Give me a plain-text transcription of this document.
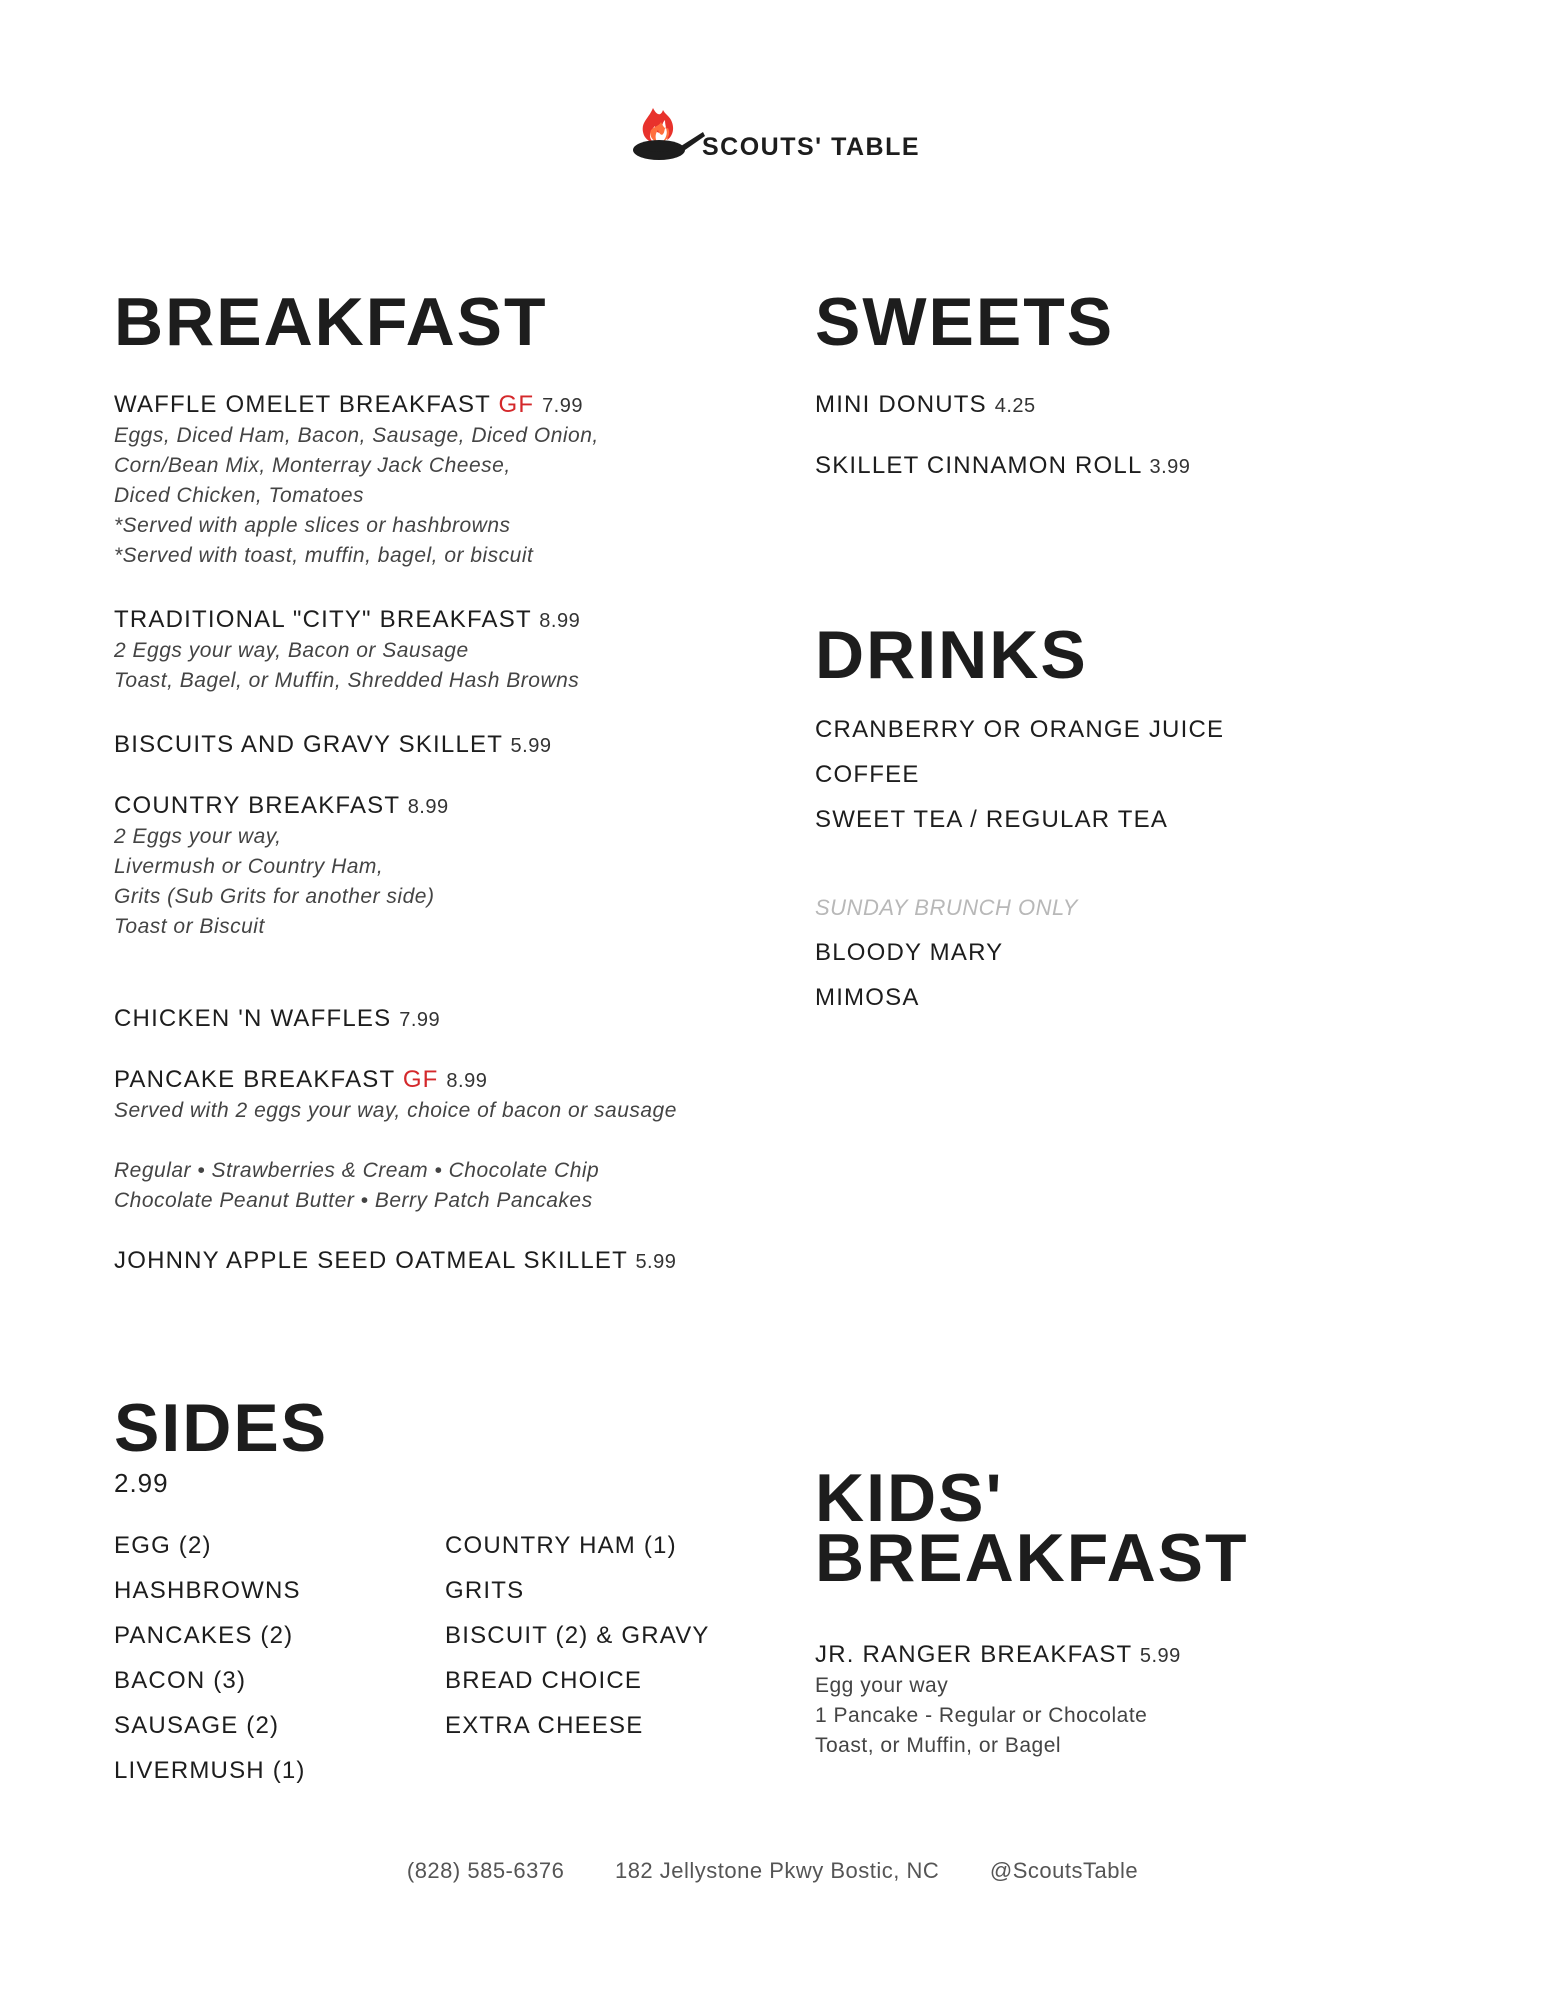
SCOUTS' TABLE
BREAKFAST
WAFFLE OMELET BREAKFAST GF 7.99
Eggs, Diced Ham, Bacon, Sausage, Diced Onion,
Corn/Bean Mix, Monterray Jack Cheese,
Diced Chicken, Tomatoes
*Served with apple slices or hashbrowns
*Served with toast, muffin, bagel, or biscuit
TRADITIONAL "CITY" BREAKFAST 8.99
2 Eggs your way, Bacon or Sausage
Toast, Bagel, or Muffin, Shredded Hash Browns
BISCUITS AND GRAVY SKILLET 5.99
COUNTRY BREAKFAST 8.99
2 Eggs your way,
Livermush or Country Ham,
Grits (Sub Grits for another side)
Toast or Biscuit
CHICKEN 'N WAFFLES 7.99
PANCAKE BREAKFAST GF 8.99
Served with 2 eggs your way, choice of bacon or sausage
Regular • Strawberries & Cream • Chocolate Chip
Chocolate Peanut Butter • Berry Patch Pancakes
JOHNNY APPLE SEED OATMEAL SKILLET 5.99
SWEETS
MINI DONUTS 4.25
SKILLET CINNAMON ROLL 3.99
DRINKS
CRANBERRY OR ORANGE JUICE
COFFEE
SWEET TEA / REGULAR TEA
SUNDAY BRUNCH ONLY
BLOODY MARY
MIMOSA
SIDES
2.99
EGG (2)
HASHBROWNS
PANCAKES (2)
BACON (3)
SAUSAGE (2)
LIVERMUSH (1)
COUNTRY HAM (1)
GRITS
BISCUIT (2) & GRAVY
BREAD CHOICE
EXTRA CHEESE
KIDS'
BREAKFAST
JR. RANGER BREAKFAST 5.99
Egg your way
1 Pancake - Regular or Chocolate
Toast, or Muffin, or Bagel
(828) 585-6376 182 Jellystone Pkwy Bostic, NC @ScoutsTable
